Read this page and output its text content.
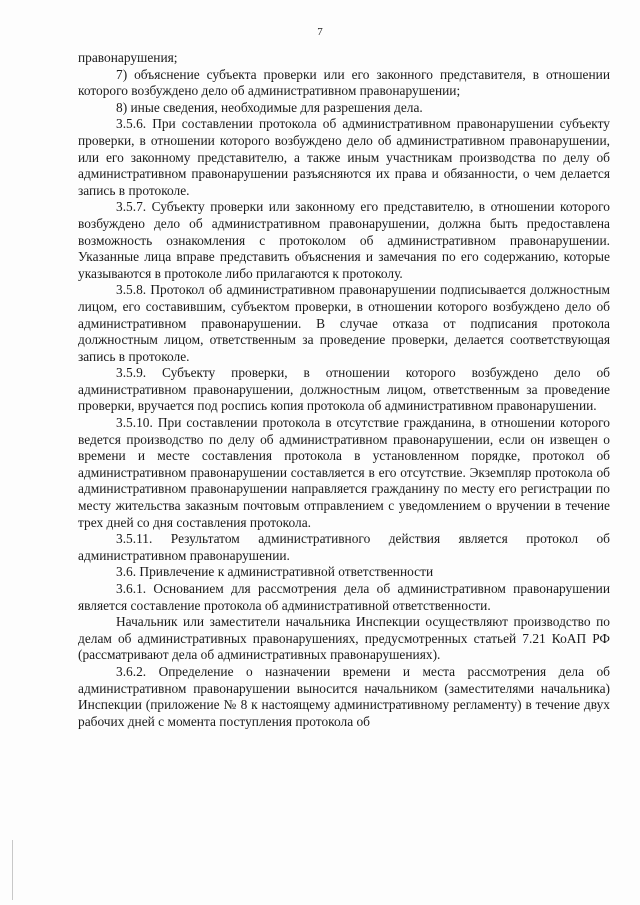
7

правонарушения;

7) объяснение субъекта проверки или его законного представителя, в отношении которого возбуждено дело об административном правонарушении;

8) иные сведения, необходимые для разрешения дела.

3.5.6. При составлении протокола об административном правонарушении субъекту проверки, в отношении которого возбуждено дело об административном правонарушении, или его законному представителю, а также иным участникам производства по делу об административном правонарушении разъясняются их права и обязанности, о чем делается запись в протоколе.

3.5.7. Субъекту проверки или законному его представителю, в отношении которого возбуждено дело об административном правонарушении, должна быть предоставлена возможность ознакомления с протоколом об административном правонарушении. Указанные лица вправе представить объяснения и замечания по его содержанию, которые указываются в протоколе либо прилагаются к протоколу.

3.5.8. Протокол об административном правонарушении подписывается должностным лицом, его составившим, субъектом проверки, в отношении которого возбуждено дело об административном правонарушении. В случае отказа от подписания протокола должностным лицом, ответственным за проведение проверки, делается соответствующая запись в протоколе.

3.5.9. Субъекту проверки, в отношении которого возбуждено дело об административном правонарушении, должностным лицом, ответственным за проведение проверки, вручается под роспись копия протокола об административном правонарушении.

3.5.10. При составлении протокола в отсутствие гражданина, в отношении которого ведется производство по делу об административном правонарушении, если он извещен о времени и месте составления протокола в установленном порядке, протокол об административном правонарушении составляется в его отсутствие. Экземпляр протокола об административном правонарушении направляется гражданину по месту его регистрации по месту жительства заказным почтовым отправлением с уведомлением о вручении в течение трех дней со дня составления протокола.

3.5.11. Результатом административного действия является протокол об административном правонарушении.

3.6. Привлечение к административной ответственности

3.6.1. Основанием для рассмотрения дела об административном правонарушении является составление протокола об административной ответственности.

Начальник или заместители начальника Инспекции осуществляют производство по делам об административных правонарушениях, предусмотренных статьей 7.21 КоАП РФ (рассматривают дела об административных правонарушениях).

3.6.2. Определение о назначении времени и места рассмотрения дела об административном правонарушении выносится начальником (заместителями начальника) Инспекции (приложение № 8 к настоящему административному регламенту) в течение двух рабочих дней с момента поступления протокола об
